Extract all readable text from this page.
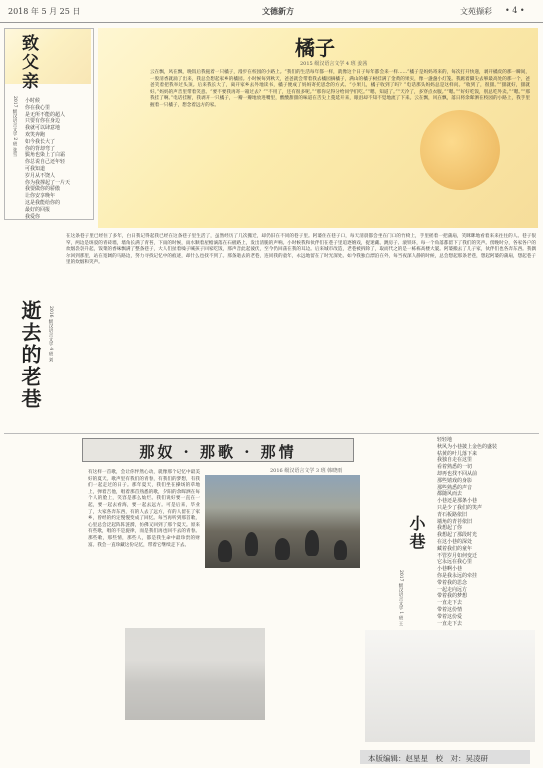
2018 年 5 月 25 日	文德新方	文苑撷彩 • 4 •
致父亲
2017 级汉语言文学 2 班 张雪 小时候

你在我心里

是无所不能的超人

只要有你在身边

我就可以肆意地

欢笑奔跑

如今我长大了

你的背却弯了

鬓角也染上了白霜

你总说自己还年轻

可我知道

岁月从不饶人

你为我撑起了一片天

我要做你的骄傲

让你安享晚年

这是我能给你的

最好的回报

我爱你

橘子
2015 级汉语言文学 4 班 姜茜
云在飘，风在飘，晚饭后我拖着一只橘子，漫步在校园的小路上。“我们的生活每年都一样，就像这个日子每年都会来一样……”橘子是妈妈寄来的，每次打开快递，剥开橘皮的那一瞬间，一股清香就涌了出来，我总会想起家乡的橘园。小时候每到秋天，爸爸就会带着我去橘园摘橘子，满山的橘子树挂满了金黄的果实，像一盏盏小灯笼。我踮着脚尖去够最高处的那一个，爸爸笑着把我举过头顶。后来我长大了，离开家乡去外地读书，橘子便成了妈妈寄托思念的方式。“小果儿，橘子收到了吗？”电话那头妈妈总是这样问。“收到了，很甜。”“甜就好，甜就好。”妈妈的声音里带着笑意。“要不要我再寄一箱过去？”“不用了，还有很多呢。”“那你记得分给同学们吃。”“嗯，知道了。”“天冷了，多穿点衣服。”“嗯。”“好好吃饭，别总吃外卖。”“嗯。”“那我挂了啊。”电话挂断，我剥开一只橘子，一瓣一瓣地放进嘴里，酸酸甜甜的味道在舌尖上蔓延开来，眼泪却不知不觉地流了下来。云在飘，风在飘，落日将余晖洒在校园的小路上，我手里握着一只橘子，想念着远方的家。
逝去的老巷	2016 级汉语言文学 4 班 刘
在这条巷子里已经住了多年，白日我记得起我已经在这条巷子里生活了，虽然经历了几次搬迁，却仍旧在不同的巷子里。阿婆住在巷子口，每天清晨都会坐在门口的竹椅上，手里摇着一把蒲扇，笑眯眯地看着来来往往的人。巷子很窄，两边是斑驳的青砖墙，墙角长满了青苔，下雨的时候，雨水顺着屋檐滴落在石板路上，发出清脆的声响。小时候我和伙伴们在巷子里追逐嬉戏，捉迷藏、跳房子、滚铁环，每一个角落都留下了我们的笑声。傍晚时分，各家各户的炊烟袅袅升起，饭菜的香味飘满了整条巷子，大人们扯着嗓子喊孩子回家吃饭，那声音此起彼伏，至今仍回荡在我的耳边。后来城市改造，老巷被拆除了，取而代之的是一栋栋高楼大厦。阿婆搬去了儿子家，伙伴们也各奔东西。我偶尔回到那里，站在宽阔的马路边，努力寻找记忆中的痕迹，却什么也找不到了。那条逝去的老巷，连同我的童年，永远地留在了时光深处。如今我独自漂泊在外，每当夜深人静的时候，总会想起那条老巷，想起阿婆的蒲扇，想起巷子里的炊烟和笑声。
那奴 · 那歌 · 那情
2016 级汉语言文学 3 班 韩晓雨
有这样一首歌，会让你怦然心动，就像那个记忆中最美好的夏天。歌声里有我们的青春，有我们的梦想，有我们一起走过的日子。那年夏天，我们坐在操场的草地上，弹着吉他，唱着那首熟悉的歌，夕阳的余晖洒在每个人的脸上，笑容是那么灿烂。我们说好要一直在一起，要一起去看海，要一起去远方。可是后来，毕业了，大家各奔东西，有的人去了远方，有的人留在了家乡，曾经的约定慢慢变成了回忆。每当再听到那首歌，心里总会泛起阵阵涟漪，仿佛又回到了那个夏天。原来有些歌，唱的不是旋律，而是我们再也回不去的青春。那些歌，那些情，那些人，都是我生命中最珍贵的财富。我会一直珍藏这份记忆，带着它继续走下去。	小巷
2017 级汉语言文学 1 班 王

轻轻地

秋风为小巷披上金色的盛装

枯黄的叶儿落下来

我独自走在这里

看着熟悉的一切

却再也找不回从前

那些嬉戏的身影

那些熟悉的声音

都随风而去

小巷还是那条小巷

只是少了我们的笑声

青石板路依旧

墙角的青苔依旧

我想起了你

我想起了那段时光

在这小巷的深处

藏着我们的童年

不管岁月如何变迁

它永远在我心里

小巷啊小巷

你是我永远的牵挂

带着我的思念

一起走向远方

带着我的梦想

一直走下去

带着这份情

带着这份爱

一直走下去

本版编辑：赵星星　校　对：吴凌研
